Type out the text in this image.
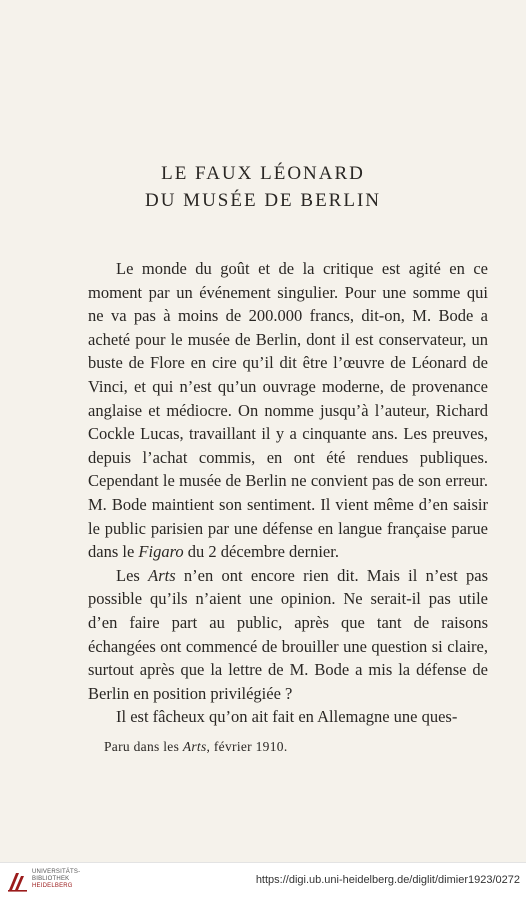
LE FAUX LÉONARD
DU MUSÉE DE BERLIN

Le monde du goût et de la critique est agité en ce moment par un événement singulier. Pour une somme qui ne va pas à moins de 200.000 francs, dit-on, M. Bode a acheté pour le musée de Berlin, dont il est conservateur, un buste de Flore en cire qu’il dit être l’œuvre de Léonard de Vinci, et qui n’est qu’un ouvrage moderne, de provenance anglaise et médiocre. On nomme jusqu’à l’auteur, Richard Cockle Lucas, travaillant il y a cinquante ans. Les preuves, depuis l’achat commis, en ont été rendues publiques. Cependant le musée de Berlin ne convient pas de son erreur. M. Bode maintient son sentiment. Il vient même d’en saisir le public parisien par une défense en langue française parue dans le Figaro du 2 décembre dernier.

Les Arts n’en ont encore rien dit. Mais il n’est pas possible qu’ils n’aient une opinion. Ne serait-il pas utile d’en faire part au public, après que tant de raisons échangées ont commencé de brouiller une question si claire, surtout après que la lettre de M. Bode a mis la défense de Berlin en position privilégiée ?

Il est fâcheux qu’on ait fait en Allemagne une ques-

Paru dans les Arts, février 1910.

UNIVERSITÄTS-
BIBLIOTHEK
HEIDELBERG	https://digi.ub.uni-heidelberg.de/diglit/dimier1923/0272
